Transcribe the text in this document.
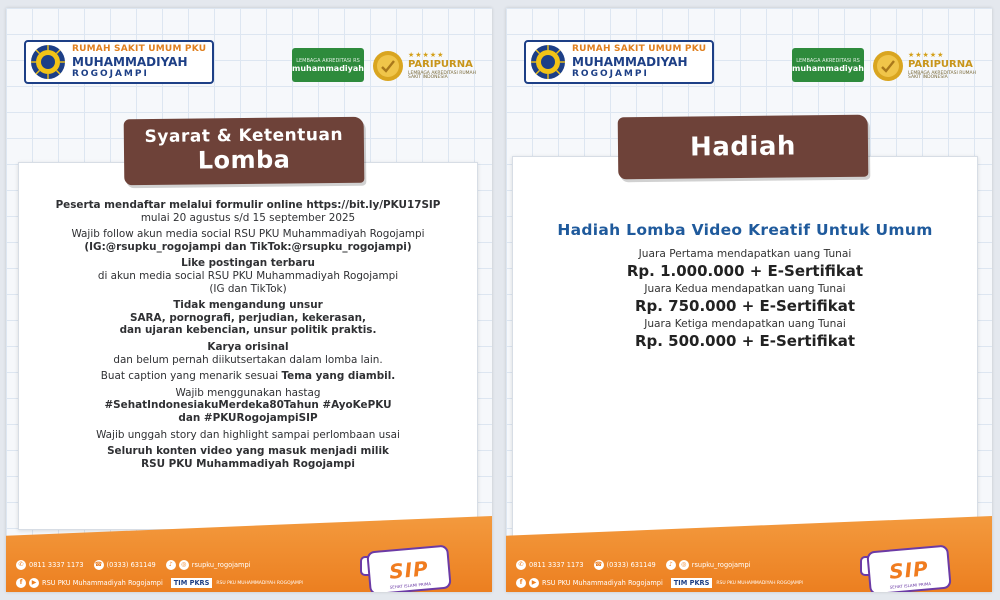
RUMAH SAKIT UMUM PKU
MUHAMMADIYAH
ROGOJAMPI
LEMBAGA AKREDITASI RS
muhammadiyah
★★★★★
PARIPURNA
LEMBAGA AKREDITASI RUMAH SAKIT INDONESIA
Peserta mendaftar melalui formulir online https://bit.ly/PKU17SIP
mulai 20 agustus s/d 15 september 2025
Wajib follow akun media social RSU PKU Muhammadiyah Rogojampi
(IG:@rsupku_rogojampi dan TikTok:@rsupku_rogojampi)
Like postingan terbaru
di akun media social RSU PKU Muhammadiyah Rogojampi
(IG dan TikTok)
Tidak mengandung unsur
SARA, pornografi, perjudian, kekerasan,
dan ujaran kebencian, unsur politik praktis.
Karya orisinal
dan belum pernah diikutsertakan dalam lomba lain.
Buat caption yang menarik sesuai Tema yang diambil.
Wajib menggunakan hastag
#SehatIndonesiakuMerdeka80Tahun #AyoKePKU
dan #PKURogojampiSIP
Wajib unggah story dan highlight sampai perlombaan usai
Seluruh konten video yang masuk menjadi milik
RSU PKU Muhammadiyah Rogojampi
Syarat & Ketentuan
Lomba
✆ 0811 3337 1173 ☎ (0333) 631149	♪	◎ rsupku_rogojampi
f	▶ RSU PKU Muhammadiyah Rogojampi	TIM PKRS	RSU PKU MUHAMMADIYAH ROGOJAMPI	SIP
SEHAT ISLAMI PRIMA
RUMAH SAKIT UMUM PKU
MUHAMMADIYAH
ROGOJAMPI
LEMBAGA AKREDITASI RS
muhammadiyah
★★★★★
PARIPURNA
LEMBAGA AKREDITASI RUMAH SAKIT INDONESIA
Hadiah Lomba Video Kreatif Untuk Umum
Juara Pertama mendapatkan uang Tunai
Rp. 1.000.000 + E-Sertifikat
Juara Kedua mendapatkan uang Tunai
Rp. 750.000 + E-Sertifikat
Juara Ketiga mendapatkan uang Tunai
Rp. 500.000 + E-Sertifikat
Hadiah
✆ 0811 3337 1173 ☎ (0333) 631149	♪	◎ rsupku_rogojampi
f	▶ RSU PKU Muhammadiyah Rogojampi	TIM PKRS	RSU PKU MUHAMMADIYAH ROGOJAMPI	SIP
SEHAT ISLAMI PRIMA
